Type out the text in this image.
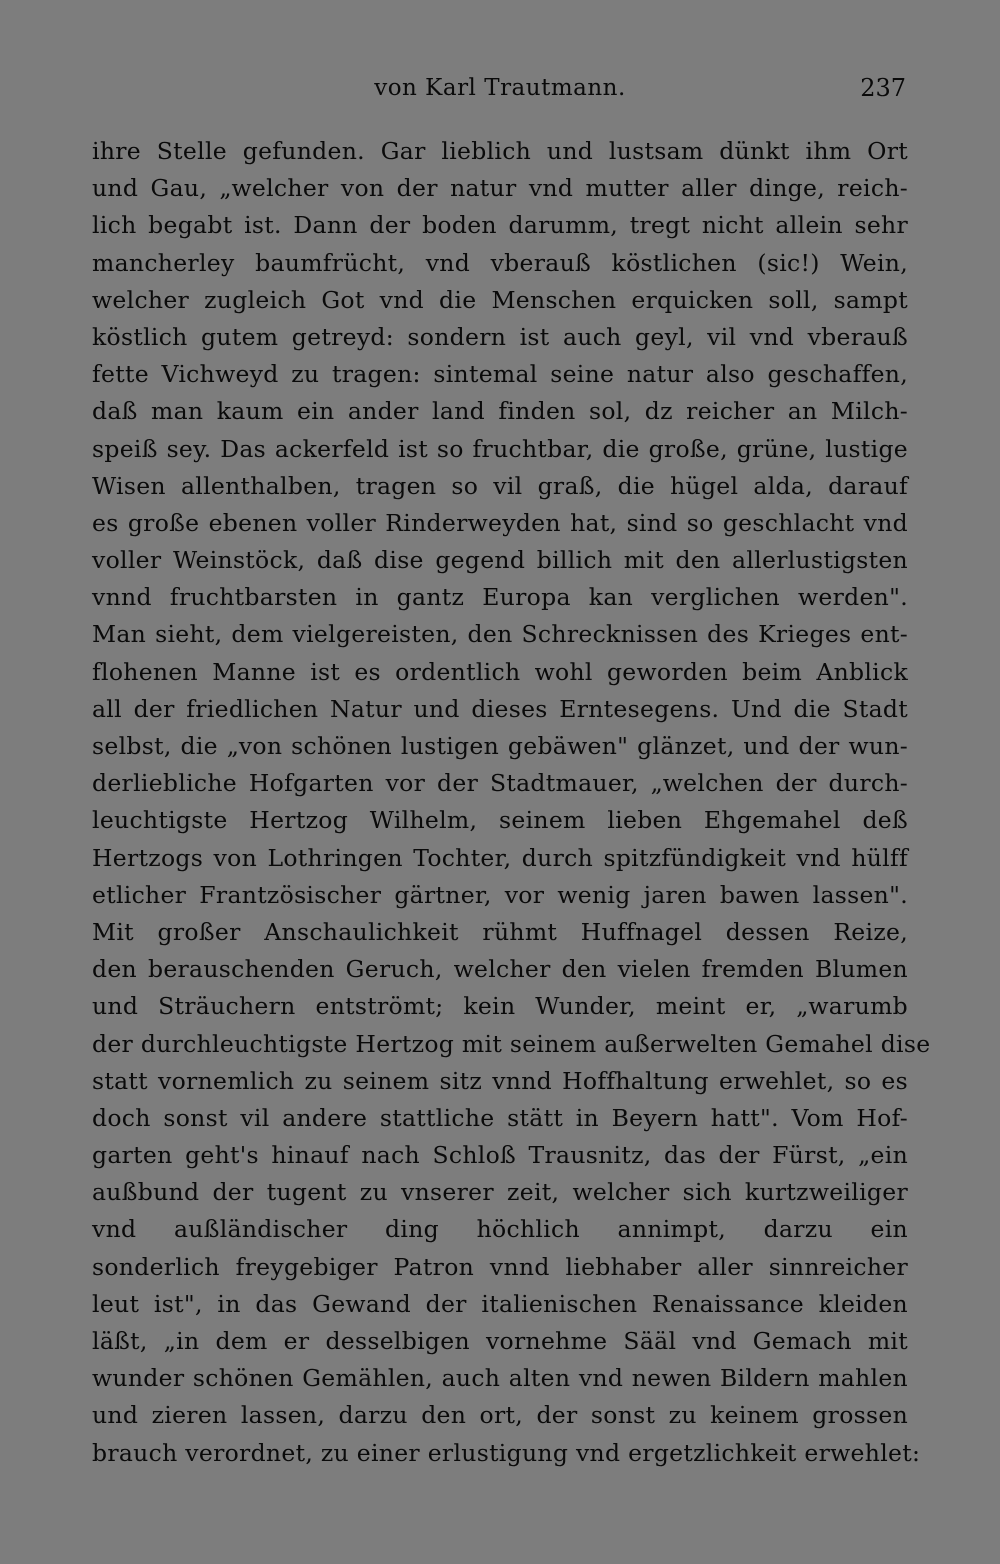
von Karl Trautmann.	237
ihre Stelle gefunden. Gar lieblich und lustsam dünkt ihm Ort
und Gau, „welcher von der natur vnd mutter aller dinge, reich-
lich begabt ist. Dann der boden darumm, tregt nicht allein sehr
mancherley baumfrücht, vnd vberauß köstlichen (sic!) Wein,
welcher zugleich Got vnd die Menschen erquicken soll, sampt
köstlich gutem getreyd: sondern ist auch geyl, vil vnd vberauß
fette Vichweyd zu tragen: sintemal seine natur also geschaffen,
daß man kaum ein ander land finden sol, dz reicher an Milch-
speiß sey. Das ackerfeld ist so fruchtbar, die große, grüne, lustige
Wisen allenthalben, tragen so vil graß, die hügel alda, darauf
es große ebenen voller Rinderweyden hat, sind so geschlacht vnd
voller Weinstöck, daß dise gegend billich mit den allerlustigsten
vnnd fruchtbarsten in gantz Europa kan verglichen werden".
Man sieht, dem vielgereisten, den Schrecknissen des Krieges ent-
flohenen Manne ist es ordentlich wohl geworden beim Anblick
all der friedlichen Natur und dieses Erntesegens. Und die Stadt
selbst, die „von schönen lustigen gebäwen" glänzet, und der wun-
derliebliche Hofgarten vor der Stadtmauer, „welchen der durch-
leuchtigste Hertzog Wilhelm, seinem lieben Ehgemahel deß
Hertzogs von Lothringen Tochter, durch spitzfündigkeit vnd hülff
etlicher Frantzösischer gärtner, vor wenig jaren bawen lassen".
Mit großer Anschaulichkeit rühmt Huffnagel dessen Reize,
den berauschenden Geruch, welcher den vielen fremden Blumen
und Sträuchern entströmt; kein Wunder, meint er, „warumb
der durchleuchtigste Hertzog mit seinem außerwelten Gemahel dise
statt vornemlich zu seinem sitz vnnd Hoffhaltung erwehlet, so es
doch sonst vil andere stattliche stätt in Beyern hatt". Vom Hof-
garten geht's hinauf nach Schloß Trausnitz, das der Fürst, „ein
außbund der tugent zu vnserer zeit, welcher sich kurtzweiliger
vnd außländischer ding höchlich annimpt, darzu ein
sonderlich freygebiger Patron vnnd liebhaber aller sinnreicher
leut ist", in das Gewand der italienischen Renaissance kleiden
läßt, „in dem er desselbigen vornehme Sääl vnd Gemach mit
wunder schönen Gemählen, auch alten vnd newen Bildern mahlen
und zieren lassen, darzu den ort, der sonst zu keinem grossen
brauch verordnet, zu einer erlustigung vnd ergetzlichkeit erwehlet:
